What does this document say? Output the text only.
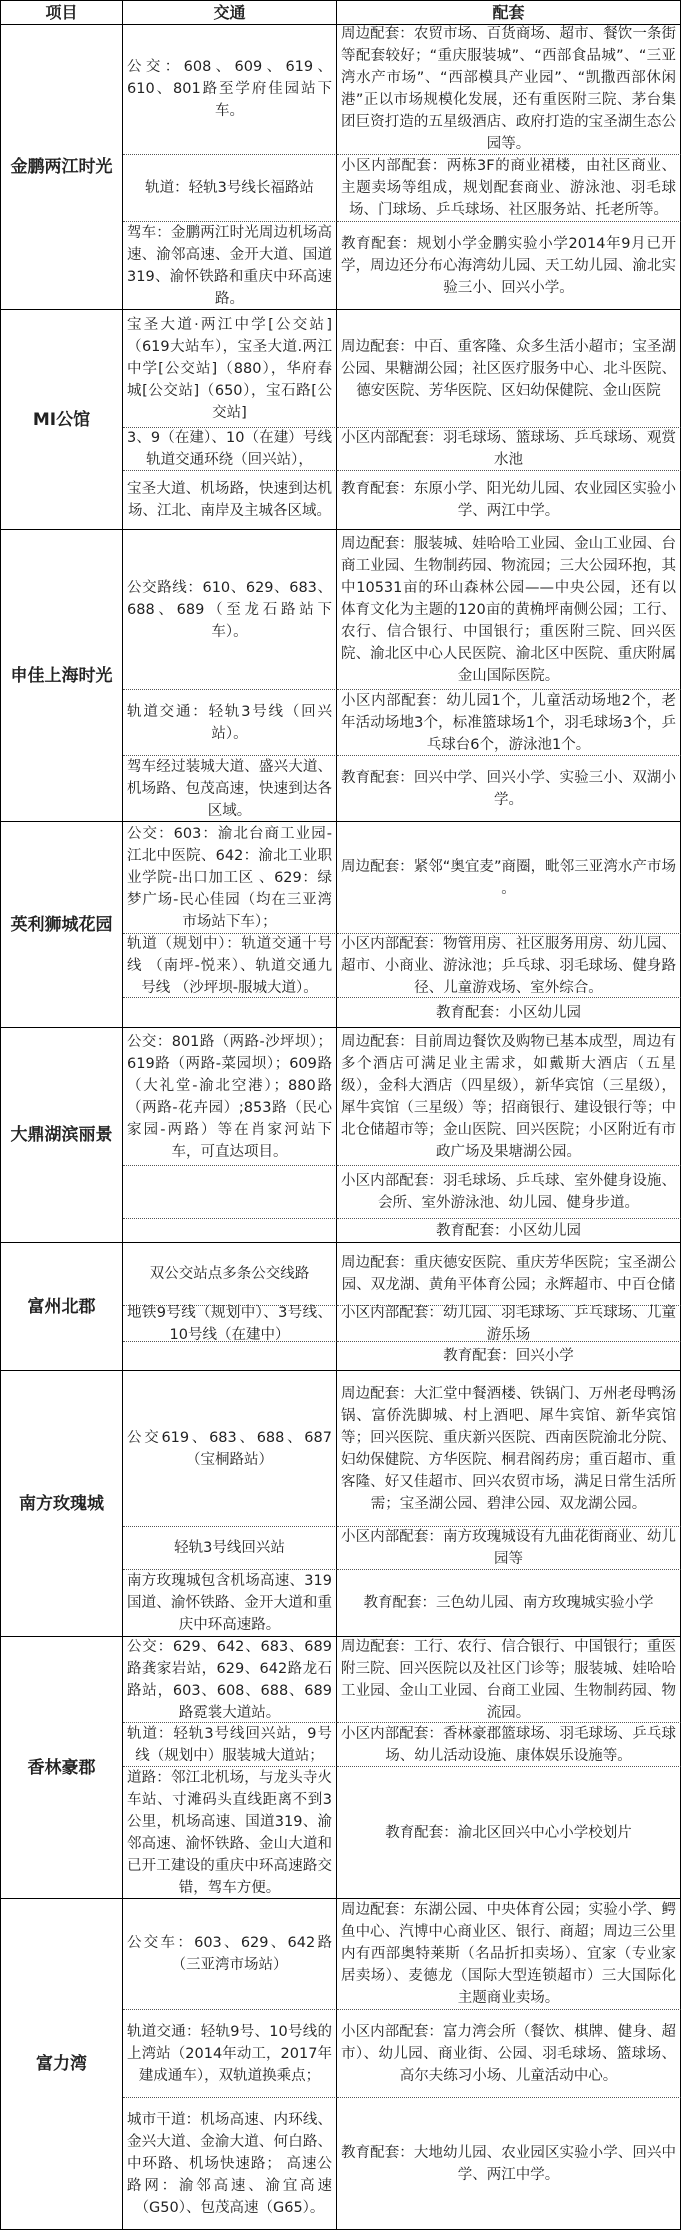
项目	交通	配套
金鹏两江时光
公交：608、609、619、610、801路至学府佳园站下车。
周边配套：农贸市场、百货商场、超市、餐饮一条街等配套较好；“重庆服装城”、“西部食品城”、“三亚湾水产市场”、“西部模具产业园”、“凯撒西部休闲港”正以市场规模化发展，还有重医附三院、茅台集团巨资打造的五星级酒店、政府打造的宝圣湖生态公园等。
轨道：轻轨3号线长福路站
小区内部配套：两栋3F的商业裙楼，由社区商业、主题卖场等组成，规划配套商业、游泳池、羽毛球场、门球场、乒乓球场、社区服务站、托老所等。
驾车：金鹏两江时光周边机场高速、渝邻高速、金开大道、国道319、渝怀铁路和重庆中环高速路。
教育配套：规划小学金鹏实验小学2014年9月已开学，周边还分布心海湾幼儿园、天工幼儿园、渝北实验三小、回兴小学。
MI公馆
宝圣大道·两江中学[公交站]（619大站车），宝圣大道.两江中学[公交站]（880），华府春城[公交站]（650），宝石路[公交站]
周边配套：中百、重客隆、众多生活小超市；宝圣湖公园、果糖湖公园；社区医疗服务中心、北斗医院、德安医院、芳华医院、区妇幼保健院、金山医院
3、9（在建）、10（在建）号线轨道交通环绕（回兴站），
小区内部配套：羽毛球场、篮球场、乒乓球场、观赏水池
宝圣大道、机场路，快速到达机场、江北、南岸及主城各区域。
教育配套：东原小学、阳光幼儿园、农业园区实验小学、两江中学。
申佳上海时光
公交路线：610、629、683、688、689（至龙石路站下车）。
周边配套：服装城、娃哈哈工业园、金山工业园、台商工业园、生物制药园、物流园；三大公园环抱，其中10531亩的环山森林公园——中央公园，还有以体育文化为主题的120亩的黄桷坪南侧公园；工行、农行、信合银行、中国银行；重医附三院、回兴医院、渝北区中心人民医院、渝北区中医院、重庆附属金山国际医院。
轨道交通：轻轨3号线（回兴站）。
小区内部配套：幼儿园1个，儿童活动场地2个，老年活动场地3个，标准篮球场1个，羽毛球场3个，乒乓球台6个，游泳池1个。
驾车经过装城大道、盛兴大道、机场路、包茂高速，快速到达各区域。
教育配套：回兴中学、回兴小学、实验三小、双湖小学。
英利狮城花园
公交：603：渝北台商工业园-江北中医院、642：渝北工业职业学院-出口加工区 、629：绿梦广场-民心佳园（均在三亚湾市场站下车）；
周边配套：紧邻“奥宜麦”商圈，毗邻三亚湾水产市场 。
轨道（规划中）：轨道交通十号线 （南坪-悦来）、轨道交通九号线 （沙坪坝-服城大道）。
小区内部配套：物管用房、社区服务用房、幼儿园、超市、小商业、游泳池；乒乓球、羽毛球场、健身路径、儿童游戏场、室外综合。
教育配套：小区幼儿园
大鼎湖滨丽景
公交：801路（两路-沙坪坝）；619路（两路-菜园坝）；609路（大礼堂-渝北空港）；880路（两路-花卉园）;853路（民心家园-两路）等在肖家河站下车，可直达项目。
周边配套：目前周边餐饮及购物已基本成型，周边有多个酒店可满足业主需求，如戴斯大酒店（五星级），金科大酒店（四星级），新华宾馆（三星级），犀牛宾馆（三星级）等；招商银行、建设银行等；中北仓储超市等；金山医院、回兴医院；小区附近有市政广场及果塘湖公园。
小区内部配套：羽毛球场、乒乓球、室外健身设施、会所、室外游泳池、幼儿园、健身步道。
教育配套：小区幼儿园
富州北郡
双公交站点多条公交线路
周边配套：重庆德安医院、重庆芳华医院；宝圣湖公园、双龙湖、黄角平体育公园；永辉超市、中百仓储
地铁9号线（规划中）、3号线、10号线（在建中）
小区内部配套：幼儿园、羽毛球场、乒乓球场、儿童游乐场
教育配套：回兴小学
南方玫瑰城
公交619、683、688、687（宝桐路站）
周边配套：大汇堂中餐酒楼、铁锅门、万州老母鸭汤锅、富侨洗脚城、村上酒吧、犀牛宾馆、新华宾馆等；回兴医院、重庆新兴医院、西南医院渝北分院、妇幼保健院、方华医院、桐君阁药房；重百超市、重客隆、好又佳超市、回兴农贸市场，满足日常生活所需；宝圣湖公园、碧津公园、双龙湖公园。
轻轨3号线回兴站
小区内部配套：南方玫瑰城设有九曲花街商业、幼儿园等
南方玫瑰城包含机场高速、319国道、渝怀铁路、金开大道和重庆中环高速路。
教育配套：三色幼儿园、南方玫瑰城实验小学
香林豪郡
公交：629、642、683、689路龚家岩站，629、642路龙石路站，603、608、688、689路霓裳大道站。
周边配套：工行、农行、信合银行、中国银行；重医附三院、回兴医院以及社区门诊等；服装城、娃哈哈工业园、金山工业园、台商工业园、生物制药园、物流园。
轨道：轻轨3号线回兴站，9号线（规划中）服装城大道站；
小区内部配套：香林豪郡篮球场、羽毛球场、乒乓球场、幼儿活动设施、康体娱乐设施等。
道路：邻江北机场，与龙头寺火车站、寸滩码头直线距离不到3公里，机场高速、国道319、渝邻高速、渝怀铁路、金山大道和已开工建设的重庆中环高速路交错，驾车方便。
教育配套：渝北区回兴中心小学校划片
富力湾
公交车：603、629、642路（三亚湾市场站）
周边配套：东湖公园、中央体育公园；实验小学、鳄鱼中心、汽博中心商业区、银行、商超；周边三公里内有西部奥特莱斯（名品折扣卖场）、宜家（专业家居卖场）、麦德龙（国际大型连锁超市）三大国际化主题商业卖场。
轨道交通：轻轨9号、10号线的上湾站（2014年动工，2017年建成通车），双轨道换乘点；
小区内部配套：富力湾会所（餐饮、棋牌、健身、超市）、幼儿园、商业街、公园、羽毛球场、篮球场、高尔夫练习小场、儿童活动中心。
城市干道：机场高速、内环线、金兴大道、金渝大道、何白路、中环路、机场快速路； 高速公路网：渝邻高速、渝宜高速（G50）、包茂高速（G65）。
教育配套：大地幼儿园、农业园区实验小学、回兴中学、两江中学。
